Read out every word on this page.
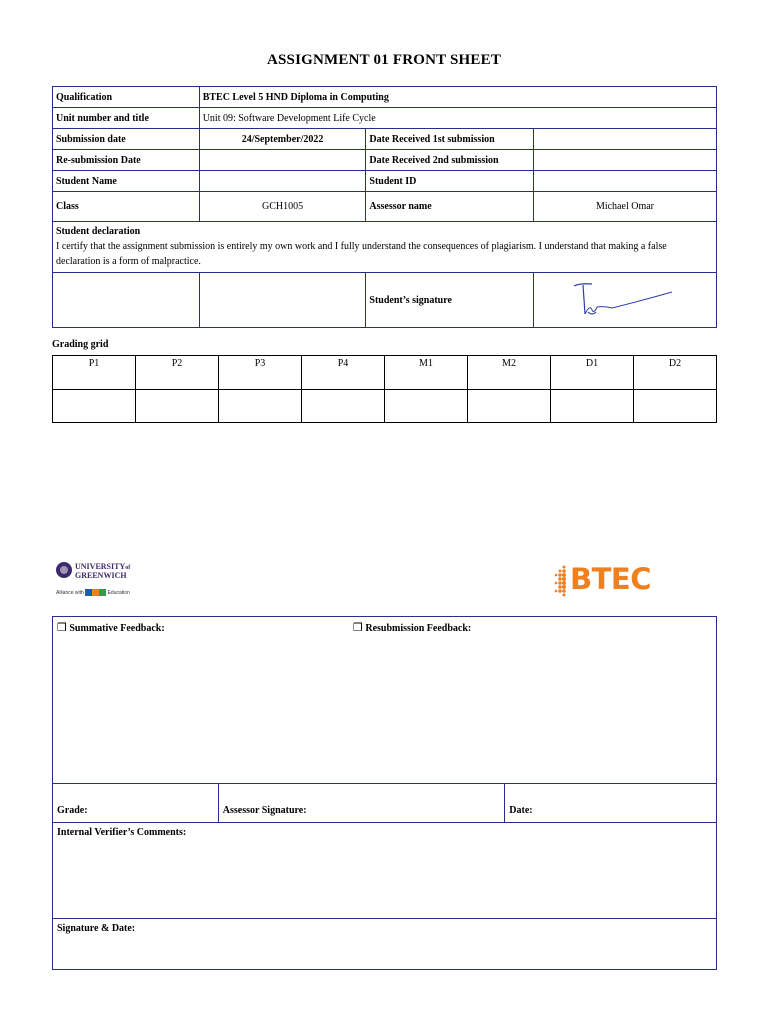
ASSIGNMENT 01 FRONT SHEET
Qualification	BTEC Level 5 HND Diploma in Computing		
Unit number and title	Unit 09: Software Development Life Cycle		
Submission date	24/September/2022	Date Received 1st submission	
Re-submission Date		Date Received 2nd submission	
Student Name		Student ID	
Class	GCH1005	Assessor name	Michael Omar

Student declaration
I certify that the assignment submission is entirely my own work and I fully understand the consequences of plagiarism. I understand that making a false declaration is a form of malpractice.			

		Student’s signature	
Grading grid
P1	P2	P3	P4	M1	M2	D1	D2

UNIVERSITYof
GREENWICH
Alliance with	Education	BTEC
❒ Summative Feedback:	❒ Resubmission Feedback:

Grade:	Assessor Signature:	Date:
Internal Verifier’s Comments:
Signature & Date:
